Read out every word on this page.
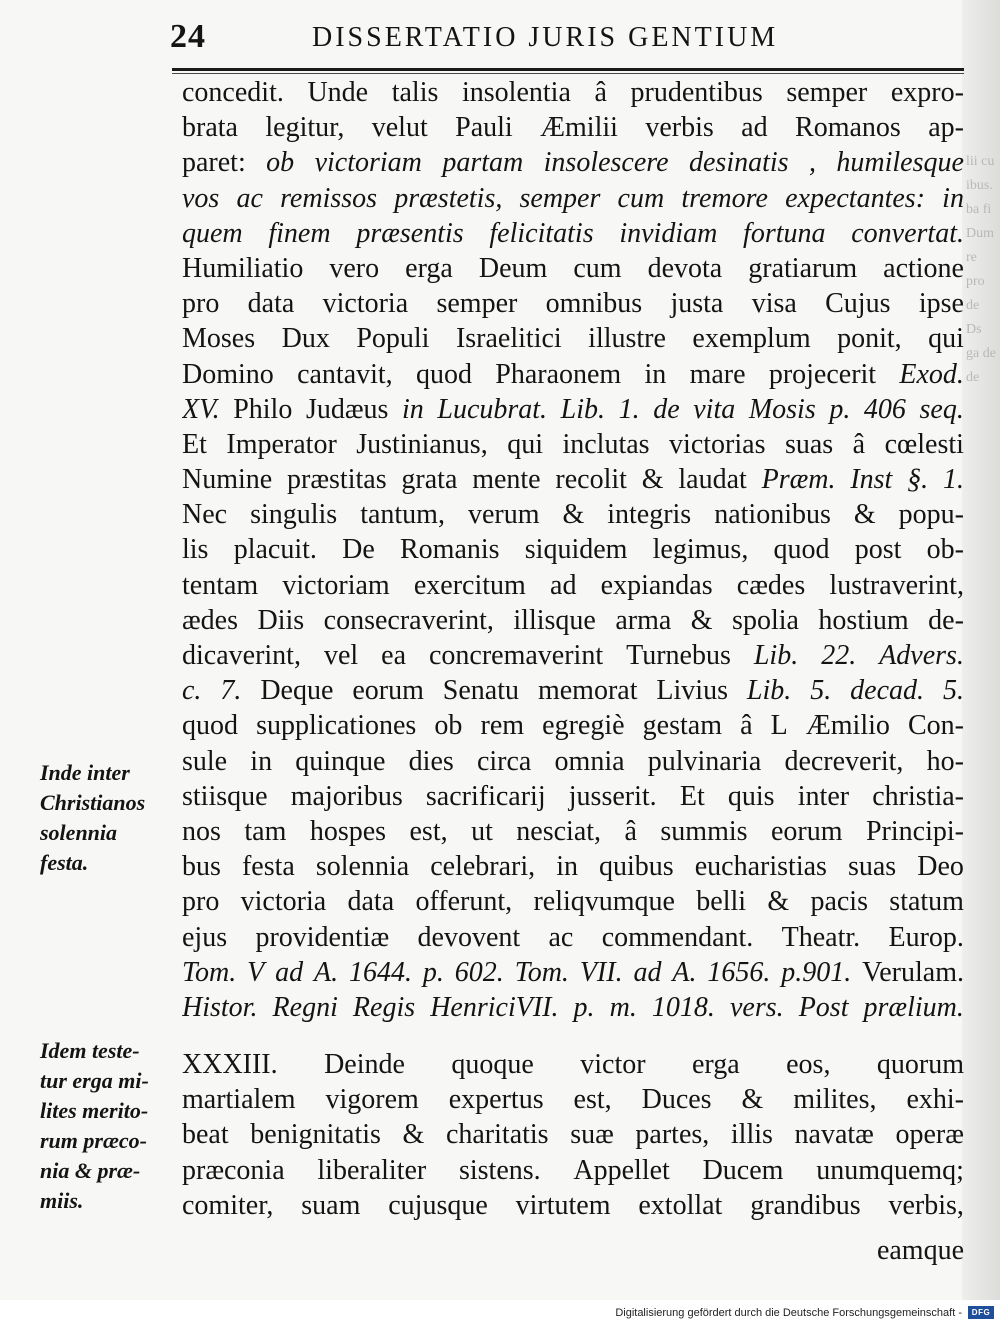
lii cu ibus. ba fi Dum re pro de Ds ga de de
24	DISSERTATIO JURIS GENTIUM
concedit. Unde talis insolentia â prudentibus semper expro-
brata legitur, velut Pauli Æmilii verbis ad Romanos ap-
paret: ob victoriam partam insolescere desinatis , humilesque
vos ac remissos præstetis, semper cum tremore expectantes: in
quem finem præsentis felicitatis invidiam fortuna convertat.
Humiliatio vero erga Deum cum devota gratiarum actione
pro data victoria semper omnibus justa visa Cujus ipse
Moses Dux Populi Israelitici illustre exemplum ponit, qui
Domino cantavit, quod Pharaonem in mare projecerit Exod.
XV. Philo Judæus in Lucubrat. Lib. 1. de vita Mosis p. 406 seq.
Et Imperator Justinianus, qui inclutas victorias suas â cœlesti
Numine præstitas grata mente recolit & laudat Præm. Inst §. 1.
Nec singulis tantum, verum & integris nationibus & popu-
lis placuit. De Romanis siquidem legimus, quod post ob-
tentam victoriam exercitum ad expiandas cædes lustraverint,
ædes Diis consecraverint, illisque arma & spolia hostium de-
dicaverint, vel ea concremaverint Turnebus Lib. 22. Advers.
c. 7. Deque eorum Senatu memorat Livius Lib. 5. decad. 5.
quod supplicationes ob rem egregiè gestam â L Æmilio Con-
sule in quinque dies circa omnia pulvinaria decreverit, ho-
stiisque majoribus sacrificarij jusserit. Et quis inter christia-
nos tam hospes est, ut nesciat, â summis eorum Principi-
bus festa solennia celebrari, in quibus eucharistias suas Deo
pro victoria data offerunt, reliqvumque belli & pacis statum
ejus providentiæ devovent ac commendant. Theatr. Europ.
Tom. V ad A. 1644. p. 602. Tom. VII. ad A. 1656. p.901. Verulam.
Histor. Regni Regis HenriciVII. p. m. 1018. vers. Post prælium.
XXXIII. Deinde quoque victor erga eos, quorum
martialem vigorem expertus est, Duces & milites, exhi-
beat benignitatis & charitatis suæ partes, illis navatæ operæ
præconia liberaliter sistens. Appellet Ducem unumquemq;
comiter, suam cujusque virtutem extollat grandibus verbis,
eamque
Inde inter
Christianos
solennia
festa.
Idem teste-
tur erga mi-
lites merito-
rum præco-
nia & præ-
miis.
Digitalisierung gefördert durch die Deutsche Forschungsgemeinschaft -	DFG
